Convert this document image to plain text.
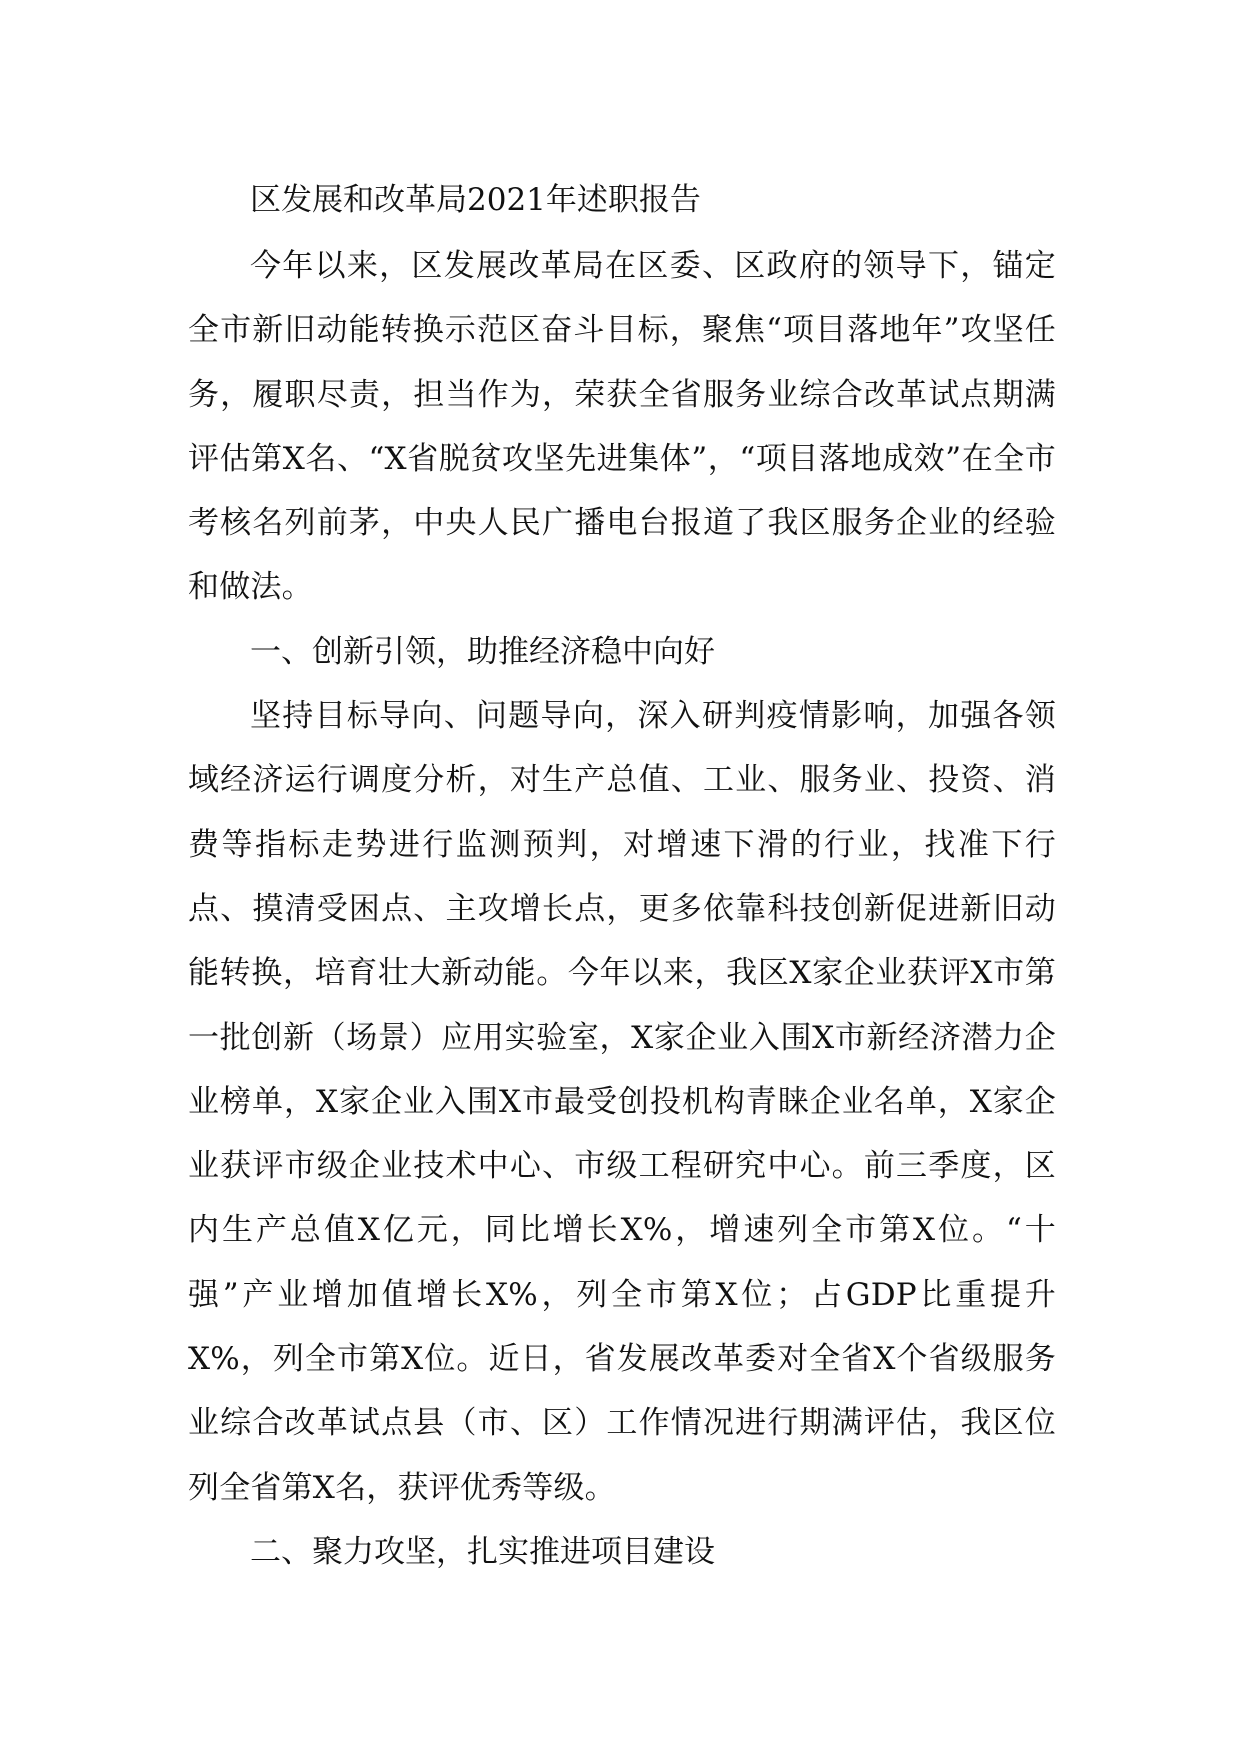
区发展和改革局2021年述职报告

今年以来，区发展改革局在区委、区政府的领导下，锚定全市新旧动能转换示范区奋斗目标，聚焦“项目落地年”攻坚任务，履职尽责，担当作为，荣获全省服务业综合改革试点期满评估第X名、“X省脱贫攻坚先进集体”，“项目落地成效”在全市考核名列前茅，中央人民广播电台报道了我区服务企业的经验和做法。

一、创新引领，助推经济稳中向好

坚持目标导向、问题导向，深入研判疫情影响，加强各领域经济运行调度分析，对生产总值、工业、服务业、投资、消费等指标走势进行监测预判，对增速下滑的行业，找准下行点、摸清受困点、主攻增长点，更多依靠科技创新促进新旧动能转换，培育壮大新动能。今年以来，我区X家企业获评X市第一批创新（场景）应用实验室，X家企业入围X市新经济潜力企业榜单，X家企业入围X市最受创投机构青睐企业名单，X家企业获评市级企业技术中心、市级工程研究中心。前三季度，区内生产总值X亿元，同比增长X%，增速列全市第X位。“十强”产业增加值增长X%，列全市第X位；占GDP比重提升X%，列全市第X位。近日，省发展改革委对全省X个省级服务业综合改革试点县（市、区）工作情况进行期满评估，我区位列全省第X名，获评优秀等级。

二、聚力攻坚，扎实推进项目建设
